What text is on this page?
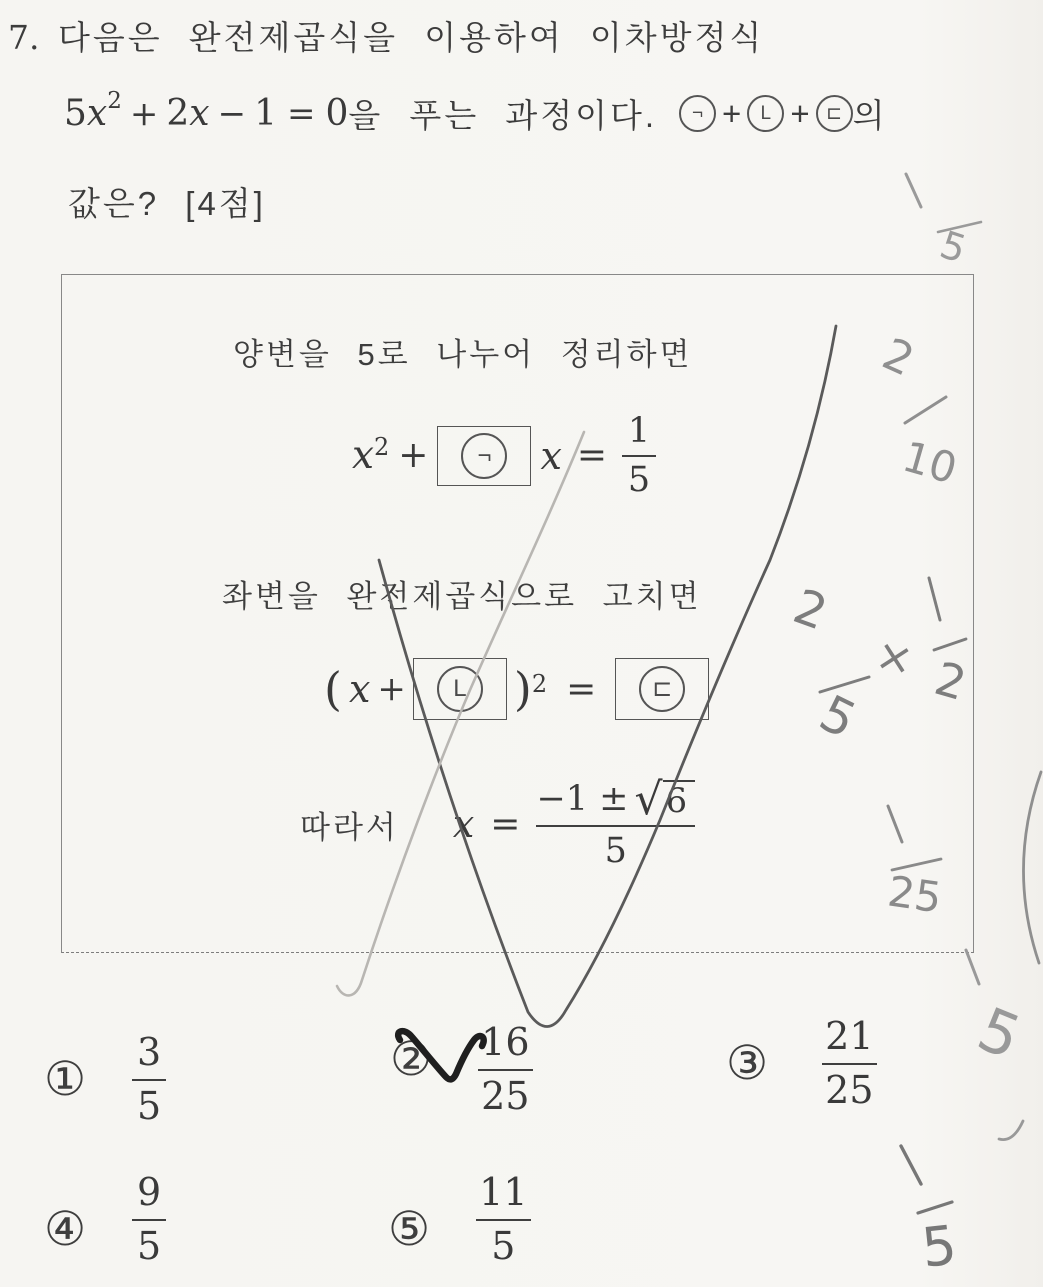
7. 다음은 완전제곱식을 이용하여 이차방정식
5 x 2 + 2 x − 1 = 0 을 푸는 과정이다.	¬ +	L + ⊏ 의
값은? [4점]
양변을 5로 나누어 정리하면
x2 +	¬	$x = \frac{1}{5}$
좌변을 완전제곱식으로 고치면
( x +	L	)2 =	⊏
따라서 $x = \frac{-1 \pm √ 6}{5}$
① $\frac{3}{5}$	② $\frac{16}{25}$	③ $\frac{21}{25}$
④ $\frac{9}{5}$	⑤ $\frac{11}{5}$
5
2
10
2
5
× 2
25
5
5
